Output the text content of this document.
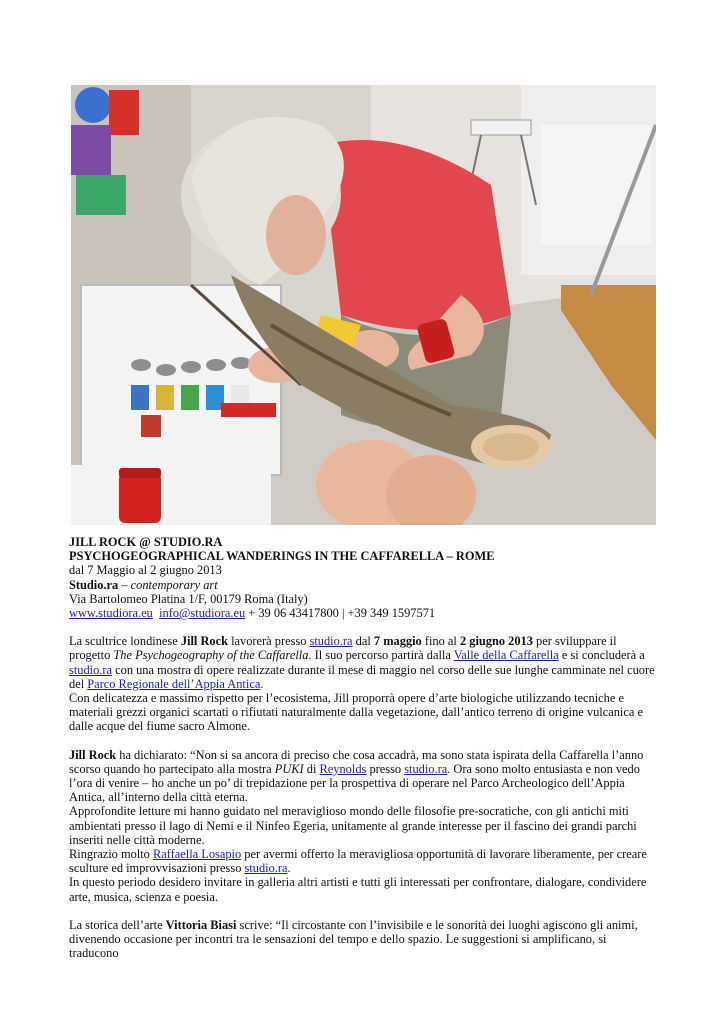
JILL ROCK @ STUDIO.RA

PSYCHOGEOGRAPHICAL WANDERINGS IN THE CAFFARELLA – ROME

dal 7 Maggio al 2 giugno 2013

Studio.ra – contemporary art

Via Bartolomeo Platina 1/F, 00179 Roma (Italy)

www.studiora.eu info@studiora.eu + 39 06 43417800 | +39 349 1597571

La scultrice londinese Jill Rock lavorerà presso studio.ra dal 7 maggio fino al 2 giugno 2013 per sviluppare il progetto The Psychogeography of the Caffarella. Il suo percorso partirà dalla Valle della Caffarella e si concluderà a studio.ra con una mostra di opere realizzate durante il mese di maggio nel corso delle sue lunghe camminate nel cuore del Parco Regionale dell’Appia Antica.

Con delicatezza e massimo rispetto per l’ecosistema, Jill proporrà opere d’arte biologiche utilizzando tecniche e materiali grezzi organici scartati o rifiutati naturalmente dalla vegetazione, dall’antico terreno di origine vulcanica e dalle acque del fiume sacro Almone.

Jill Rock ha dichiarato: “Non si sa ancora di preciso che cosa accadrà, ma sono stata ispirata della Caffarella l’anno scorso quando ho partecipato alla mostra PUKI di Reynolds presso studio.ra. Ora sono molto entusiasta e non vedo l’ora di venire – ho anche un po’ di trepidazione per la prospettiva di operare nel Parco Archeologico dell’Appia Antica, all’interno della città eterna.

Approfondite letture mi hanno guidato nel meraviglioso mondo delle filosofie pre-socratiche, con gli antichi miti ambientati presso il lago di Nemi e il Ninfeo Egeria, unitamente al grande interesse per il fascino dei grandi parchi inseriti nelle città moderne.

Ringrazio molto Raffaella Losapio per avermi offerto la meravigliosa opportunità di lavorare liberamente, per creare sculture ed improvvisazioni presso studio.ra.

In questo periodo desidero invitare in galleria altri artisti e tutti gli interessati per confrontare, dialogare, condividere arte, musica, scienza e poesia.

La storica dell’arte Vittoria Biasi scrive: “Il circostante con l’invisibile e le sonorità dei luoghi agiscono gli animi, divenendo occasione per incontri tra le sensazioni del tempo e dello spazio. Le suggestioni si amplificano, si traducono
